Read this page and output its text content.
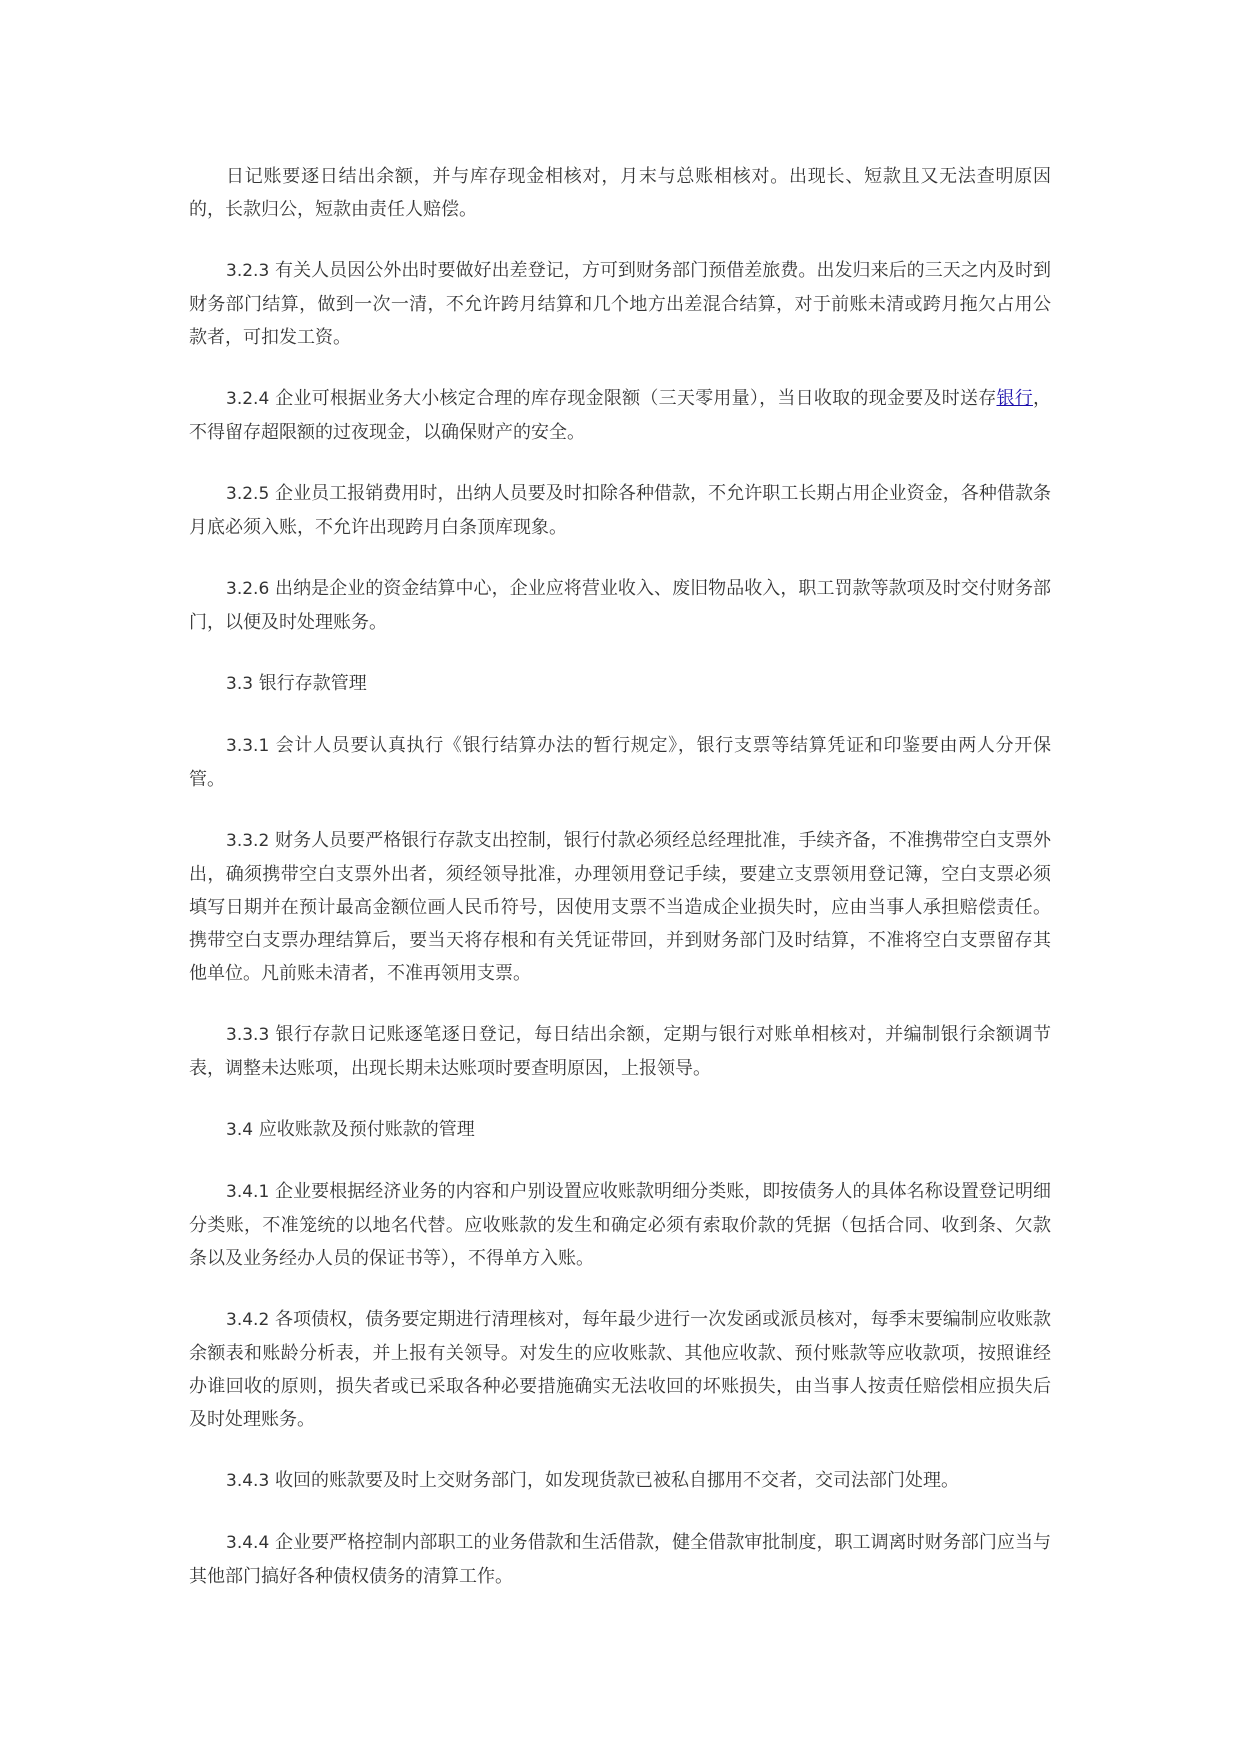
日记账要逐日结出余额，并与库存现金相核对，月末与总账相核对。出现长、短款且又无法查明原因的，长款归公，短款由责任人赔偿。

3.2.3 有关人员因公外出时要做好出差登记，方可到财务部门预借差旅费。出发归来后的三天之内及时到财务部门结算，做到一次一清，不允许跨月结算和几个地方出差混合结算，对于前账未清或跨月拖欠占用公款者，可扣发工资。

3.2.4 企业可根据业务大小核定合理的库存现金限额（三天零用量），当日收取的现金要及时送存银行，不得留存超限额的过夜现金，以确保财产的安全。

3.2.5 企业员工报销费用时，出纳人员要及时扣除各种借款，不允许职工长期占用企业资金，各种借款条月底必须入账，不允许出现跨月白条顶库现象。

3.2.6 出纳是企业的资金结算中心，企业应将营业收入、废旧物品收入，职工罚款等款项及时交付财务部门，以便及时处理账务。

3.3 银行存款管理

3.3.1 会计人员要认真执行《银行结算办法的暂行规定》，银行支票等结算凭证和印鉴要由两人分开保管。

3.3.2 财务人员要严格银行存款支出控制，银行付款必须经总经理批准，手续齐备，不准携带空白支票外出，确须携带空白支票外出者，须经领导批准，办理领用登记手续，要建立支票领用登记簿，空白支票必须填写日期并在预计最高金额位画人民币符号，因使用支票不当造成企业损失时，应由当事人承担赔偿责任。携带空白支票办理结算后，要当天将存根和有关凭证带回，并到财务部门及时结算，不准将空白支票留存其他单位。凡前账未清者，不准再领用支票。

3.3.3 银行存款日记账逐笔逐日登记，每日结出余额，定期与银行对账单相核对，并编制银行余额调节表，调整未达账项，出现长期未达账项时要查明原因，上报领导。

3.4 应收账款及预付账款的管理

3.4.1 企业要根据经济业务的内容和户别设置应收账款明细分类账，即按债务人的具体名称设置登记明细分类账，不准笼统的以地名代替。应收账款的发生和确定必须有索取价款的凭据（包括合同、收到条、欠款条以及业务经办人员的保证书等），不得单方入账。

3.4.2 各项债权，债务要定期进行清理核对，每年最少进行一次发函或派员核对，每季末要编制应收账款余额表和账龄分析表，并上报有关领导。对发生的应收账款、其他应收款、预付账款等应收款项，按照谁经办谁回收的原则，损失者或已采取各种必要措施确实无法收回的坏账损失，由当事人按责任赔偿相应损失后及时处理账务。

3.4.3 收回的账款要及时上交财务部门，如发现货款已被私自挪用不交者，交司法部门处理。

3.4.4 企业要严格控制内部职工的业务借款和生活借款，健全借款审批制度，职工调离时财务部门应当与其他部门搞好各种债权债务的清算工作。
